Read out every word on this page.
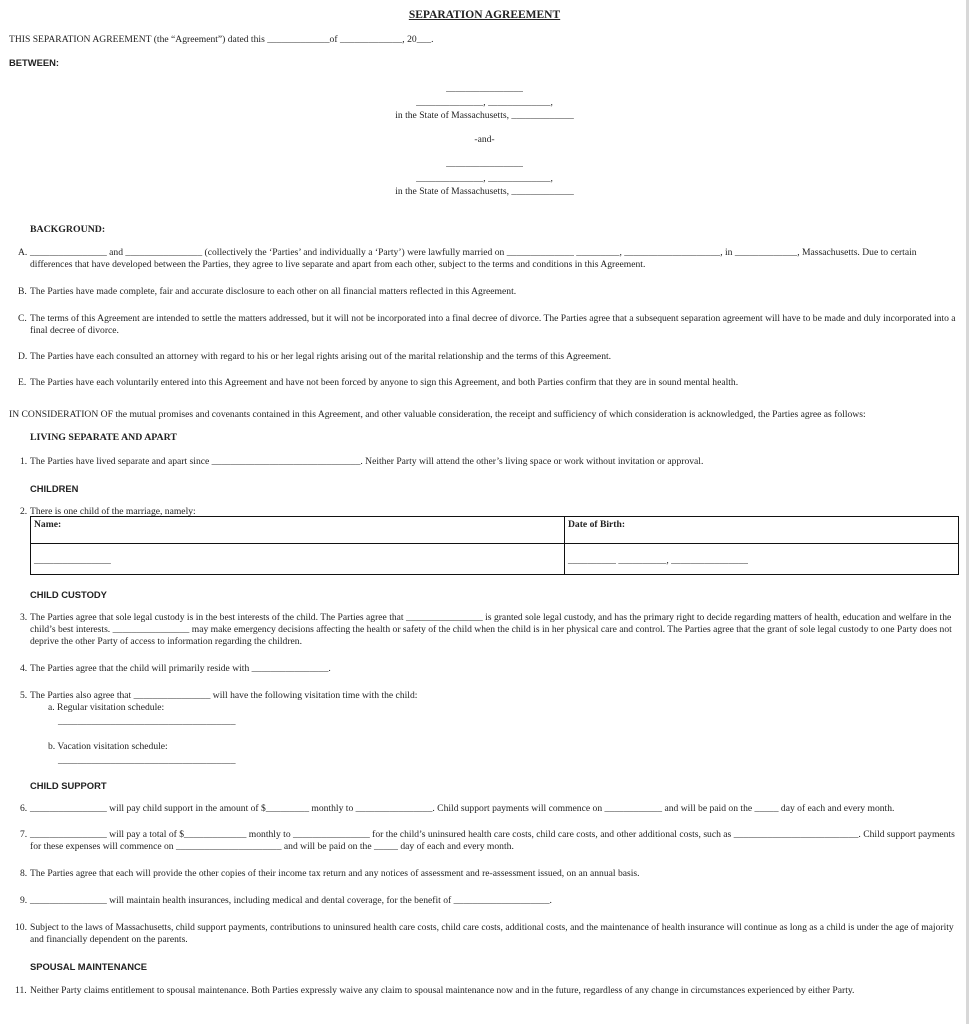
SEPARATION AGREEMENT
THIS SEPARATION AGREEMENT (the “Agreement”) dated this _____________of _____________, 20___.
BETWEEN:
________________
______________, _____________,
in the State of Massachusetts, _____________
-and-
________________
______________, _____________,
in the State of Massachusetts, _____________
BACKGROUND:
A. ________________ and ________________ (collectively the ‘Parties’ and individually a ‘Party’) were lawfully married on ______________ _________, ____________________, in _____________, Massachusetts. Due to certain differences that have developed between the Parties, they agree to live separate and apart from each other, subject to the terms and conditions in this Agreement.
B. The Parties have made complete, fair and accurate disclosure to each other on all financial matters reflected in this Agreement.
C. The terms of this Agreement are intended to settle the matters addressed, but it will not be incorporated into a final decree of divorce. The Parties agree that a subsequent separation agreement will have to be made and duly incorporated into a final decree of divorce.
D. The Parties have each consulted an attorney with regard to his or her legal rights arising out of the marital relationship and the terms of this Agreement.
E. The Parties have each voluntarily entered into this Agreement and have not been forced by anyone to sign this Agreement, and both Parties confirm that they are in sound mental health.
IN CONSIDERATION OF the mutual promises and covenants contained in this Agreement, and other valuable consideration, the receipt and sufficiency of which consideration is acknowledged, the Parties agree as follows:
LIVING SEPARATE AND APART
1. The Parties have lived separate and apart since _______________________________. Neither Party will attend the other’s living space or work without invitation or approval.
CHILDREN
2. There is one child of the marriage, namely:
Name:	Date of Birth:
________________	__________ __________, ________________
CHILD CUSTODY
3. The Parties agree that sole legal custody is in the best interests of the child. The Parties agree that ________________ is granted sole legal custody, and has the primary right to decide regarding matters of health, education and welfare in the child’s best interests. ________________ may make emergency decisions affecting the health or safety of the child when the child is in her physical care and control. The Parties agree that the grant of sole legal custody to one Party does not deprive the other Party of access to information regarding the children.
4. The Parties agree that the child will primarily reside with ________________.
5. The Parties also agree that ________________ will have the following visitation time with the child:
a. Regular visitation schedule:
_____________________________________
b. Vacation visitation schedule:
_____________________________________
CHILD SUPPORT
6. ________________ will pay child support in the amount of $_________ monthly to ________________. Child support payments will commence on ____________ and will be paid on the _____ day of each and every month.
7. ________________ will pay a total of $_____________ monthly to ________________ for the child’s uninsured health care costs, child care costs, and other additional costs, such as __________________________. Child support payments for these expenses will commence on ______________________ and will be paid on the _____ day of each and every month.
8. The Parties agree that each will provide the other copies of their income tax return and any notices of assessment and re-assessment issued, on an annual basis.
9. ________________ will maintain health insurances, including medical and dental coverage, for the benefit of ____________________.
10. Subject to the laws of Massachusetts, child support payments, contributions to uninsured health care costs, child care costs, additional costs, and the maintenance of health insurance will continue as long as a child is under the age of majority and financially dependent on the parents.
SPOUSAL MAINTENANCE
11. Neither Party claims entitlement to spousal maintenance. Both Parties expressly waive any claim to spousal maintenance now and in the future, regardless of any change in circumstances experienced by either Party.
